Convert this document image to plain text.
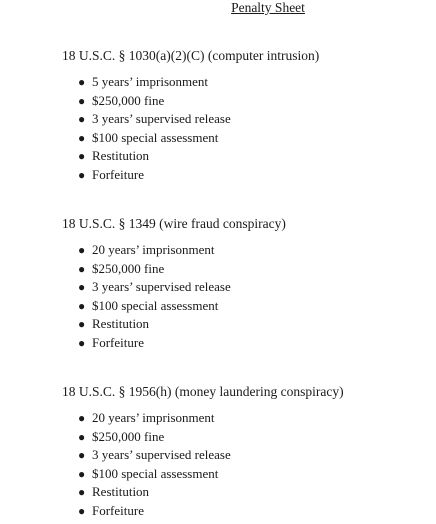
Penalty Sheet

18 U.S.C. § 1030(a)(2)(C) (computer intrusion)

● 5 years’ imprisonment
● $250,000 fine
● 3 years’ supervised release
● $100 special assessment
● Restitution
● Forfeiture

18 U.S.C. § 1349 (wire fraud conspiracy)

● 20 years’ imprisonment
● $250,000 fine
● 3 years’ supervised release
● $100 special assessment
● Restitution
● Forfeiture

18 U.S.C. § 1956(h) (money laundering conspiracy)

● 20 years’ imprisonment
● $250,000 fine
● 3 years’ supervised release
● $100 special assessment
● Restitution
● Forfeiture
